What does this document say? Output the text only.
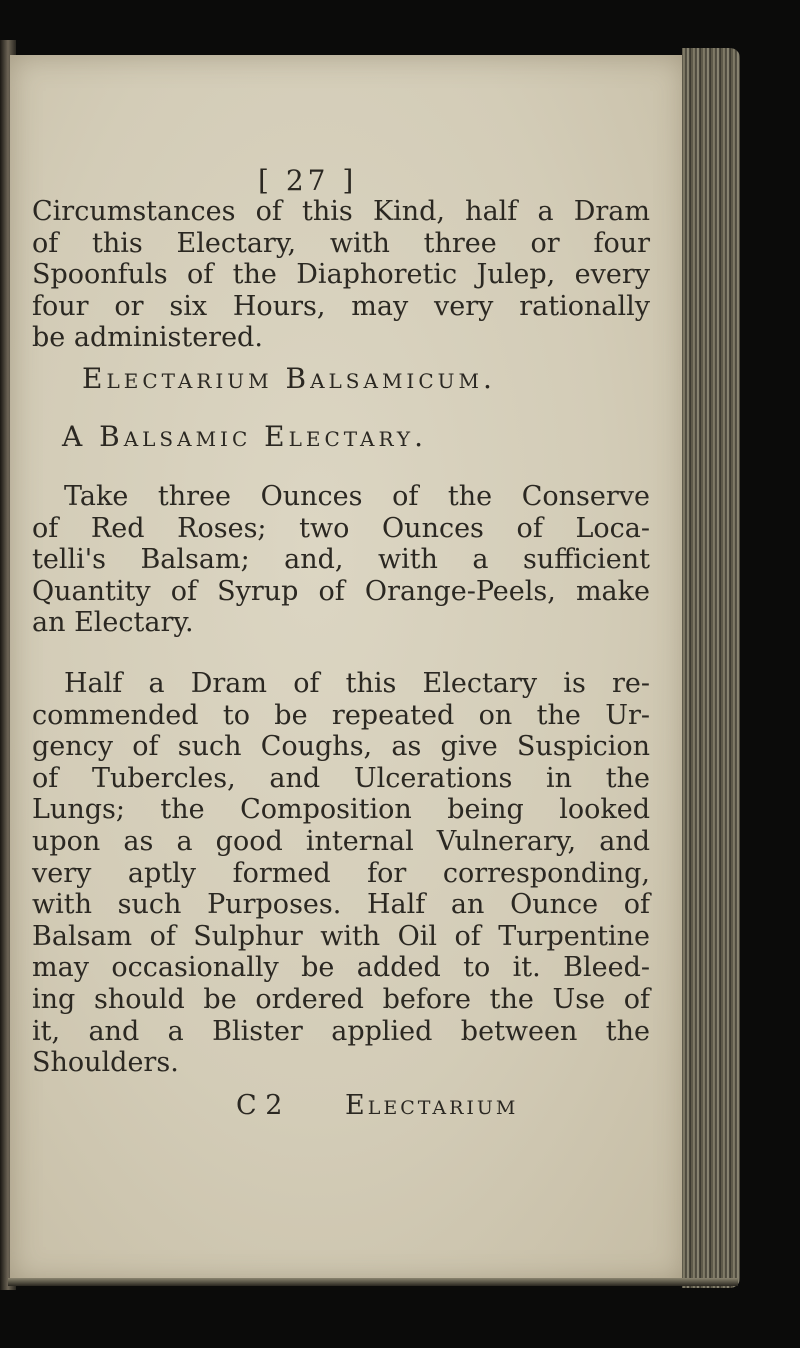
[ 27 ]
Circumstances of this Kind, half a Dram
of this Electary, with three or four
Spoonfuls of the Diaphoretic Julep, every
four or six Hours, may very rationally
be administered.
Electarium Balsamicum.
A Balsamic Electary.
Take three Ounces of the Conserve
of Red Roses; two Ounces of Loca-
telli's Balsam; and, with a sufficient
Quantity of Syrup of Orange-Peels, make
an Electary.
Half a Dram of this Electary is re-
commended to be repeated on the Ur-
gency of such Coughs, as give Suspicion
of Tubercles, and Ulcerations in the
Lungs; the Composition being looked
upon as a good internal Vulnerary, and
very aptly formed for corresponding,
with such Purposes. Half an Ounce of
Balsam of Sulphur with Oil of Turpentine
may occasionally be added to it. Bleed-
ing should be ordered before the Use of
it, and a Blister applied between the
Shoulders.
C 2 Electarium
